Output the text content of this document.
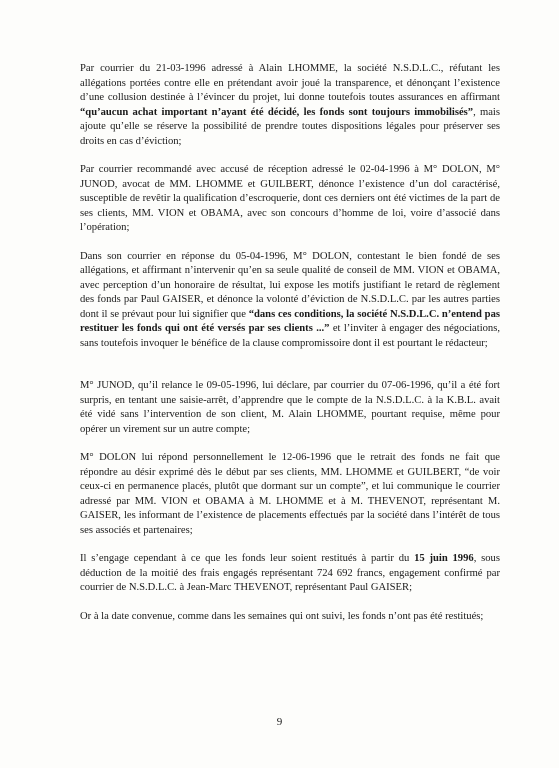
Par courrier du 21-03-1996 adressé à Alain LHOMME, la société N.S.D.L.C., réfutant les allégations portées contre elle en prétendant avoir joué la transparence, et dénonçant l’existence d’une collusion destinée à l’évincer du projet, lui donne toutefois toutes assurances en affirmant “qu’aucun achat important n’ayant été décidé, les fonds sont toujours immobilisés”, mais ajoute qu’elle se réserve la possibilité de prendre toutes dispositions légales pour préserver ses droits en cas d’éviction;

Par courrier recommandé avec accusé de réception adressé le 02-04-1996 à M° DOLON, M° JUNOD, avocat de MM. LHOMME et GUILBERT, dénonce l’existence d’un dol caractérisé, susceptible de revêtir la qualification d’escroquerie, dont ces derniers ont été victimes de la part de ses clients, MM. VION et OBAMA, avec son concours d’homme de loi, voire d’associé dans l’opération;

Dans son courrier en réponse du 05-04-1996, M° DOLON, contestant le bien fondé de ses allégations, et affirmant n’intervenir qu’en sa seule qualité de conseil de MM. VION et OBAMA, avec perception d’un honoraire de résultat, lui expose les motifs justifiant le retard de règlement des fonds par Paul GAISER, et dénonce la volonté d’éviction de N.S.D.L.C. par les autres parties dont il se prévaut pour lui signifier que “dans ces conditions, la société N.S.D.L.C. n’entend pas restituer les fonds qui ont été versés par ses clients ...” et l’inviter à engager des négociations, sans toutefois invoquer le bénéfice de la clause compromissoire dont il est pourtant le rédacteur;

M° JUNOD, qu’il relance le 09-05-1996, lui déclare, par courrier du 07-06-1996, qu’il a été fort surpris, en tentant une saisie-arrêt, d’apprendre que le compte de la N.S.D.L.C. à la K.B.L. avait été vidé sans l’intervention de son client, M. Alain LHOMME, pourtant requise, même pour opérer un virement sur un autre compte;

M° DOLON lui répond personnellement le 12-06-1996 que le retrait des fonds ne fait que répondre au désir exprimé dès le début par ses clients, MM. LHOMME et GUILBERT, “de voir ceux-ci en permanence placés, plutôt que dormant sur un compte”, et lui communique le courrier adressé par MM. VION et OBAMA à M. LHOMME et à M. THEVENOT, représentant M. GAISER, les informant de l’existence de placements effectués par la société dans l’intérêt de tous ses associés et partenaires;

Il s’engage cependant à ce que les fonds leur soient restitués à partir du 15 juin 1996, sous déduction de la moitié des frais engagés représentant 724 692 francs, engagement confirmé par courrier de N.S.D.L.C. à Jean-Marc THEVENOT, représentant Paul GAISER;

Or à la date convenue, comme dans les semaines qui ont suivi, les fonds n’ont pas été restitués;

9
